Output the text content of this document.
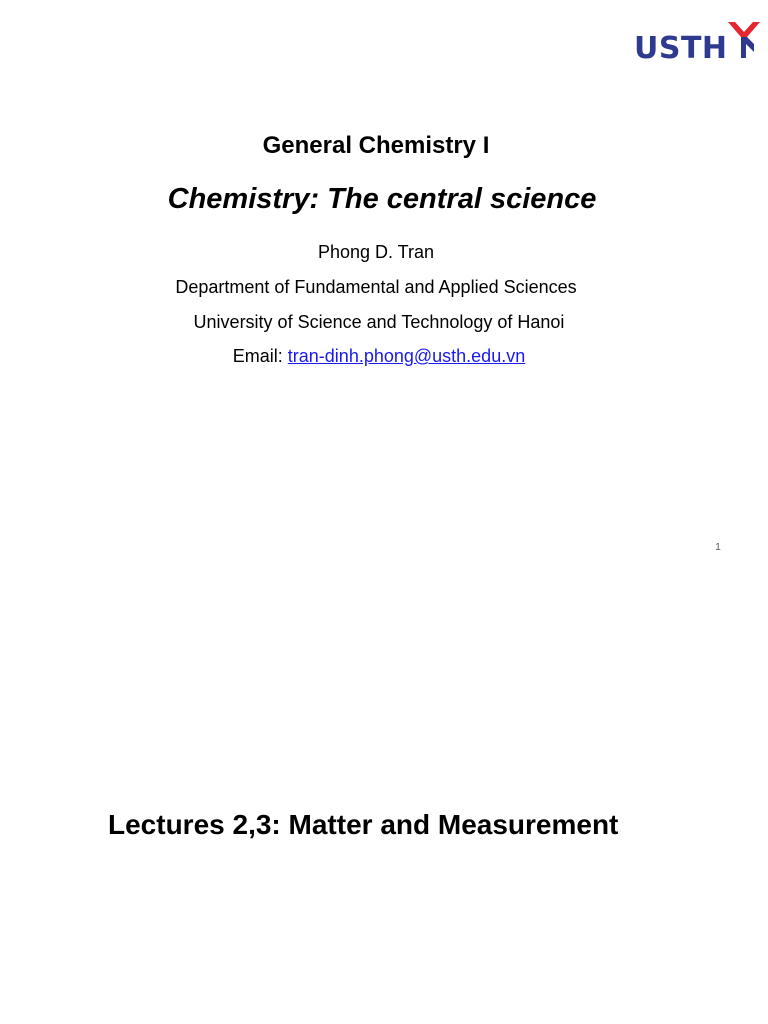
USTH
General Chemistry I
Chemistry: The central science
Phong D. Tran
Department of Fundamental and Applied Sciences
University of Science and Technology of Hanoi
Email: tran-dinh.phong@usth.edu.vn
1
Lectures 2,3: Matter and Measurement
